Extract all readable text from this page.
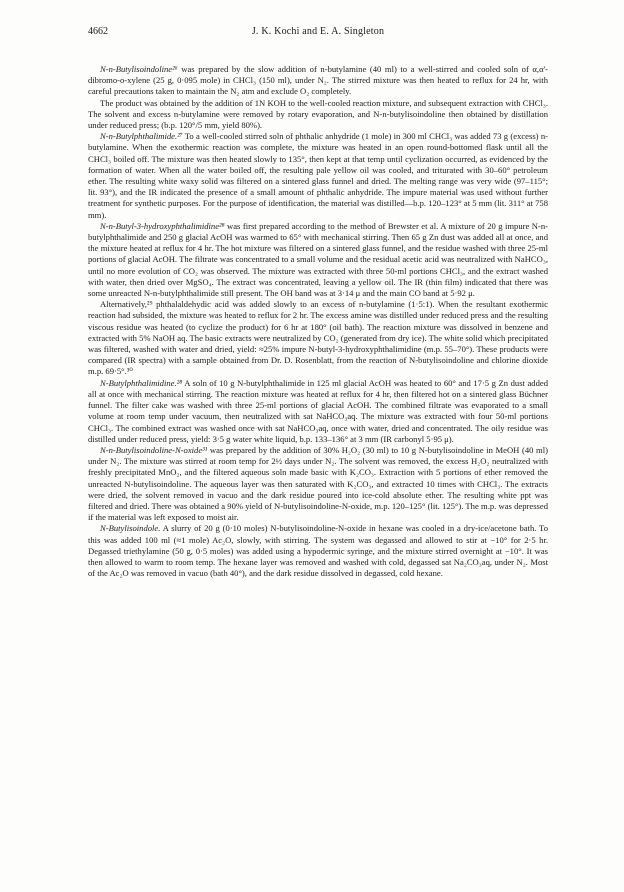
4662	J. K. Kochi and E. A. Singleton

N-n-Butylisoindoline²⁶ was prepared by the slow addition of n-butylamine (40 ml) to a well-stirred and cooled soln of α,α'-dibromo-o-xylene (25 g, 0·095 mole) in CHCl₃ (150 ml), under N₂. The stirred mixture was then heated to reflux for 24 hr, with careful precautions taken to maintain the N₂ atm and exclude O₂ completely.

The product was obtained by the addition of 1N KOH to the well-cooled reaction mixture, and subsequent extraction with CHCl₃. The solvent and excess n-butylamine were removed by rotary evaporation, and N-n-butylisoindoline then obtained by distillation under reduced press; (b.p. 120°/5 mm, yield 80%).

N-n-Butylphthalimide.²⁷ To a well-cooled stirred soln of phthalic anhydride (1 mole) in 300 ml CHCl₃ was added 73 g (excess) n-butylamine. When the exothermic reaction was complete, the mixture was heated in an open round-bottomed flask until all the CHCl₃ boiled off. The mixture was then heated slowly to 135°, then kept at that temp until cyclization occurred, as evidenced by the formation of water. When all the water boiled off, the resulting pale yellow oil was cooled, and triturated with 30–60° petroleum ether. The resulting white waxy solid was filtered on a sintered glass funnel and dried. The melting range was very wide (97–115°; lit. 93°), and the IR indicated the presence of a small amount of phthalic anhydride. The impure material was used without further treatment for synthetic purposes. For the purpose of identification, the material was distilled—b.p. 120–123° at 5 mm (lit. 311° at 758 mm).

N-n-Butyl-3-hydroxyphthalimidine²⁸ was first prepared according to the method of Brewster et al. A mixture of 20 g impure N-n-butylphthalimide and 250 g glacial AcOH was warmed to 65° with mechanical stirring. Then 65 g Zn dust was added all at once, and the mixture heated at reflux for 4 hr. The hot mixture was filtered on a sintered glass funnel, and the residue washed with three 25-ml portions of glacial AcOH. The filtrate was concentrated to a small volume and the residual acetic acid was neutralized with NaHCO₃, until no more evolution of CO₂ was observed. The mixture was extracted with three 50-ml portions CHCl₃, and the extract washed with water, then dried over MgSO₄. The extract was concentrated, leaving a yellow oil. The IR (thin film) indicated that there was some unreacted N-n-butylphthalimide still present. The OH band was at 3·14 μ and the main CO band at 5·92 μ.

Alternatively,²⁹ phthalaldehydic acid was added slowly to an excess of n-butylamine (1·5:1). When the resultant exothermic reaction had subsided, the mixture was heated to reflux for 2 hr. The excess amine was distilled under reduced press and the resulting viscous residue was heated (to cyclize the product) for 6 hr at 180° (oil bath). The reaction mixture was dissolved in benzene and extracted with 5% NaOH aq. The basic extracts were neutralized by CO₂ (generated from dry ice). The white solid which precipitated was filtered, washed with water and dried, yield: ≈25% impure N-butyl-3-hydroxyphthalimidine (m.p. 55–70°). These products were compared (IR spectra) with a sample obtained from Dr. D. Rosenblatt, from the reaction of N-butylisoindoline and chlorine dioxide m.p. 69·5°.³⁰

N-Butylphthalimidine.²⁸ A soln of 10 g N-butylphthalimide in 125 ml glacial AcOH was heated to 60° and 17·5 g Zn dust added all at once with mechanical stirring. The reaction mixture was heated at reflux for 4 hr, then filtered hot on a sintered glass Büchner funnel. The filter cake was washed with three 25-ml portions of glacial AcOH. The combined filtrate was evaporated to a small volume at room temp under vacuum, then neutralized with sat NaHCO₃aq. The mixture was extracted with four 50-ml portions CHCl₃. The combined extract was washed once with sat NaHCO₃aq, once with water, dried and concentrated. The oily residue was distilled under reduced press, yield: 3·5 g water white liquid, b.p. 133–136° at 3 mm (IR carbonyl 5·95 μ).

N-n-Butylisoindoline-N-oxide³¹ was prepared by the addition of 30% H₂O₂ (30 ml) to 10 g N-butylisoindoline in MeOH (40 ml) under N₂. The mixture was stirred at room temp for 2½ days under N₂. The solvent was removed, the excess H₂O₂ neutralized with freshly precipitated MnO₂, and the filtered aqueous soln made basic with K₂CO₃. Extraction with 5 portions of ether removed the unreacted N-butylisoindoline. The aqueous layer was then saturated with K₂CO₃, and extracted 10 times with CHCl₃. The extracts were dried, the solvent removed in vacuo and the dark residue poured into ice-cold absolute ether. The resulting white ppt was filtered and dried. There was obtained a 90% yield of N-butylisoindoline-N-oxide, m.p. 120–125° (lit. 125°). The m.p. was depressed if the material was left exposed to moist air.

N-Butylisoindole. A slurry of 20 g (0·10 moles) N-butylisoindoline-N-oxide in hexane was cooled in a dry-ice/acetone bath. To this was added 100 ml (≈1 mole) Ac₂O, slowly, with stirring. The system was degassed and allowed to stir at −10° for 2·5 hr. Degassed triethylamine (50 g, 0·5 moles) was added using a hypodermic syringe, and the mixture stirred overnight at −10°. It was then allowed to warm to room temp. The hexane layer was removed and washed with cold, degassed sat Na₂CO₃aq, under N₂. Most of the Ac₂O was removed in vacuo (bath 40°), and the dark residue dissolved in degassed, cold hexane.
